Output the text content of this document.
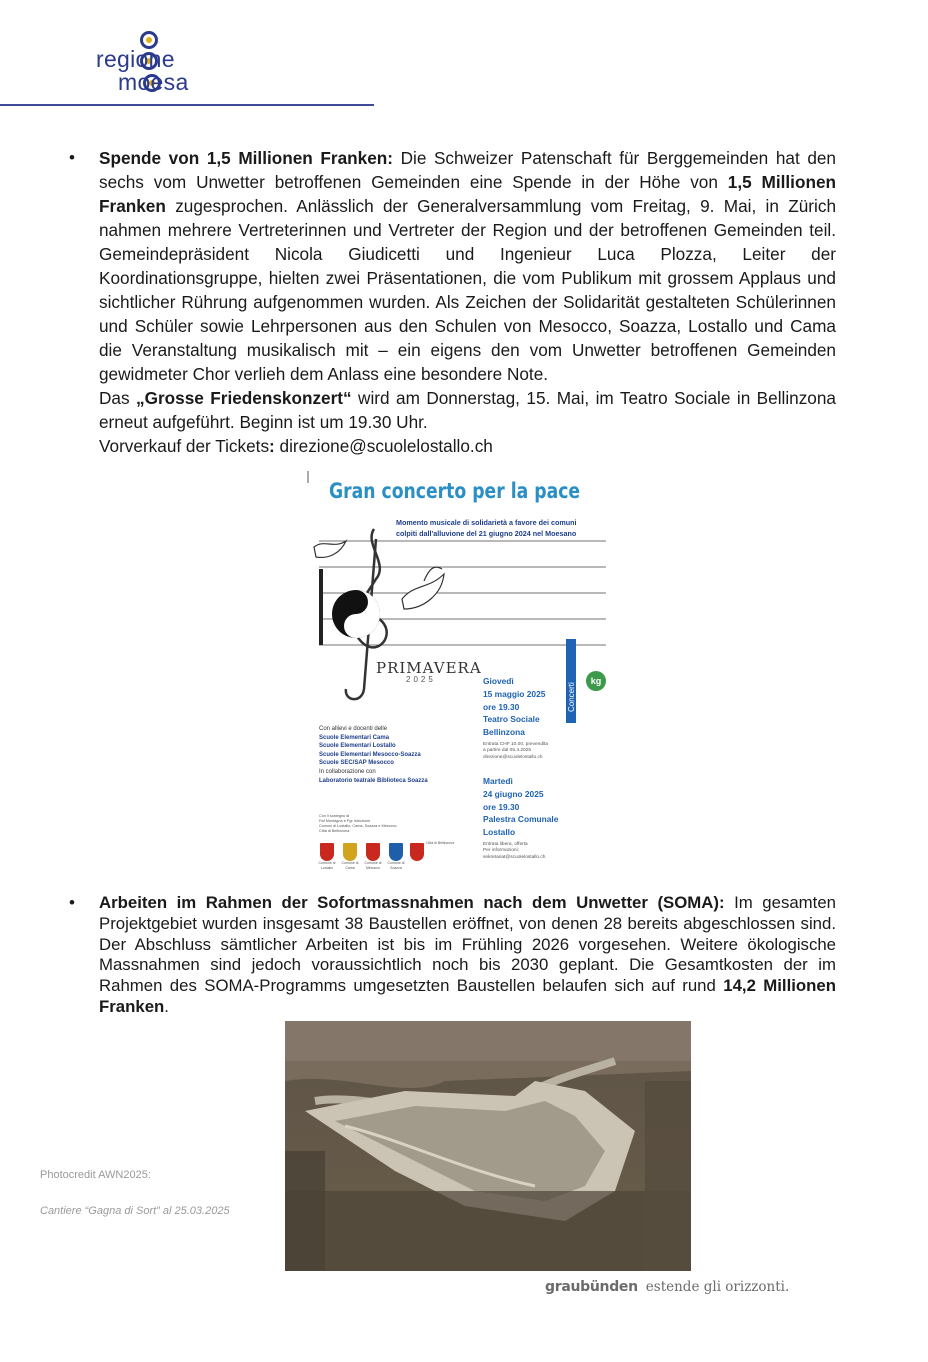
regione
moesa
• Spende von 1,5 Millionen Franken: Die Schweizer Patenschaft für Berggemeinden hat den sechs vom Unwetter betroffenen Gemeinden eine Spende in der Höhe von 1,5 Millionen Franken zugesprochen. Anlässlich der Generalversammlung vom Freitag, 9. Mai, in Zürich nahmen mehrere Vertreterinnen und Vertreter der Region und der betroffenen Gemeinden teil. Gemeindepräsident Nicola Giudicetti und Ingenieur Luca Plozza, Leiter der Koordinationsgruppe, hielten zwei Präsentationen, die vom Publikum mit grossem Applaus und sichtlicher Rührung aufgenommen wurden. Als Zeichen der Solidarität gestalteten Schülerinnen und Schüler sowie Lehrpersonen aus den Schulen von Mesocco, Soazza, Lostallo und Cama die Veranstaltung musikalisch mit – ein eigens den vom Unwetter betroffenen Gemeinden gewidmeter Chor verlieh dem Anlass eine besondere Note.

Das „Grosse Friedenskonzert“ wird am Donnerstag, 15. Mai, im Teatro Sociale in Bellinzona erneut aufgeführt. Beginn ist um 19.30 Uhr.

Vorverkauf der Tickets: direzione@scuolelostallo.ch

Gran concerto per la pace
Momento musicale di solidarietà a favore dei comuni colpiti dall'alluvione del 21 giugno 2024 nel Moesano
PRIMAVERA
2025
Concerti
kg
Giovedì
15 maggio 2025
ore 19.30
Teatro Sociale
Bellinzona
Entrata CHF 10.00, prevendita
a partire dal 05.4.2025
direzione@scuolelostallo.ch
Martedì
24 giugno 2025
ore 19.30
Palestra Comunale
Lostallo
Entrata libera, offerta
Per informazioni:
sekretariat@scuolelostallo.ch
Con allievi e docenti delle
Scuole Elementari Cama
Scuole Elementari Lostallo
Scuole Elementari Mesocco-Soazza
Scuole SEC/SAP Mesocco
In collaborazione con
Laboratorio teatrale Biblioteca Soazza
Con il sostegno di
Pat Montagna e Pgr Istruzione
Comuni di Lostallo, Cama, Soazza e Mesocco
Città di Bellinzona
Comune di Lostallo
Comune di Cama
Comune di Mesocco
Comune di Soazza
Città di Bellinzona
• Arbeiten im Rahmen der Sofortmassnahmen nach dem Unwetter (SOMA): Im gesamten Projektgebiet wurden insgesamt 38 Baustellen eröffnet, von denen 28 bereits abgeschlossen sind. Der Abschluss sämtlicher Arbeiten ist bis im Frühling 2026 vorgesehen. Weitere ökologische Massnahmen sind jedoch voraussichtlich noch bis 2030 geplant. Die Gesamtkosten der im Rahmen des SOMA-Programms umgesetzten Baustellen belaufen sich auf rund 14,2 Millionen Franken.

Photocredit AWN2025:
Cantiere “Gagna di Sort” al 25.03.2025
graubünden estende gli orizzonti.
